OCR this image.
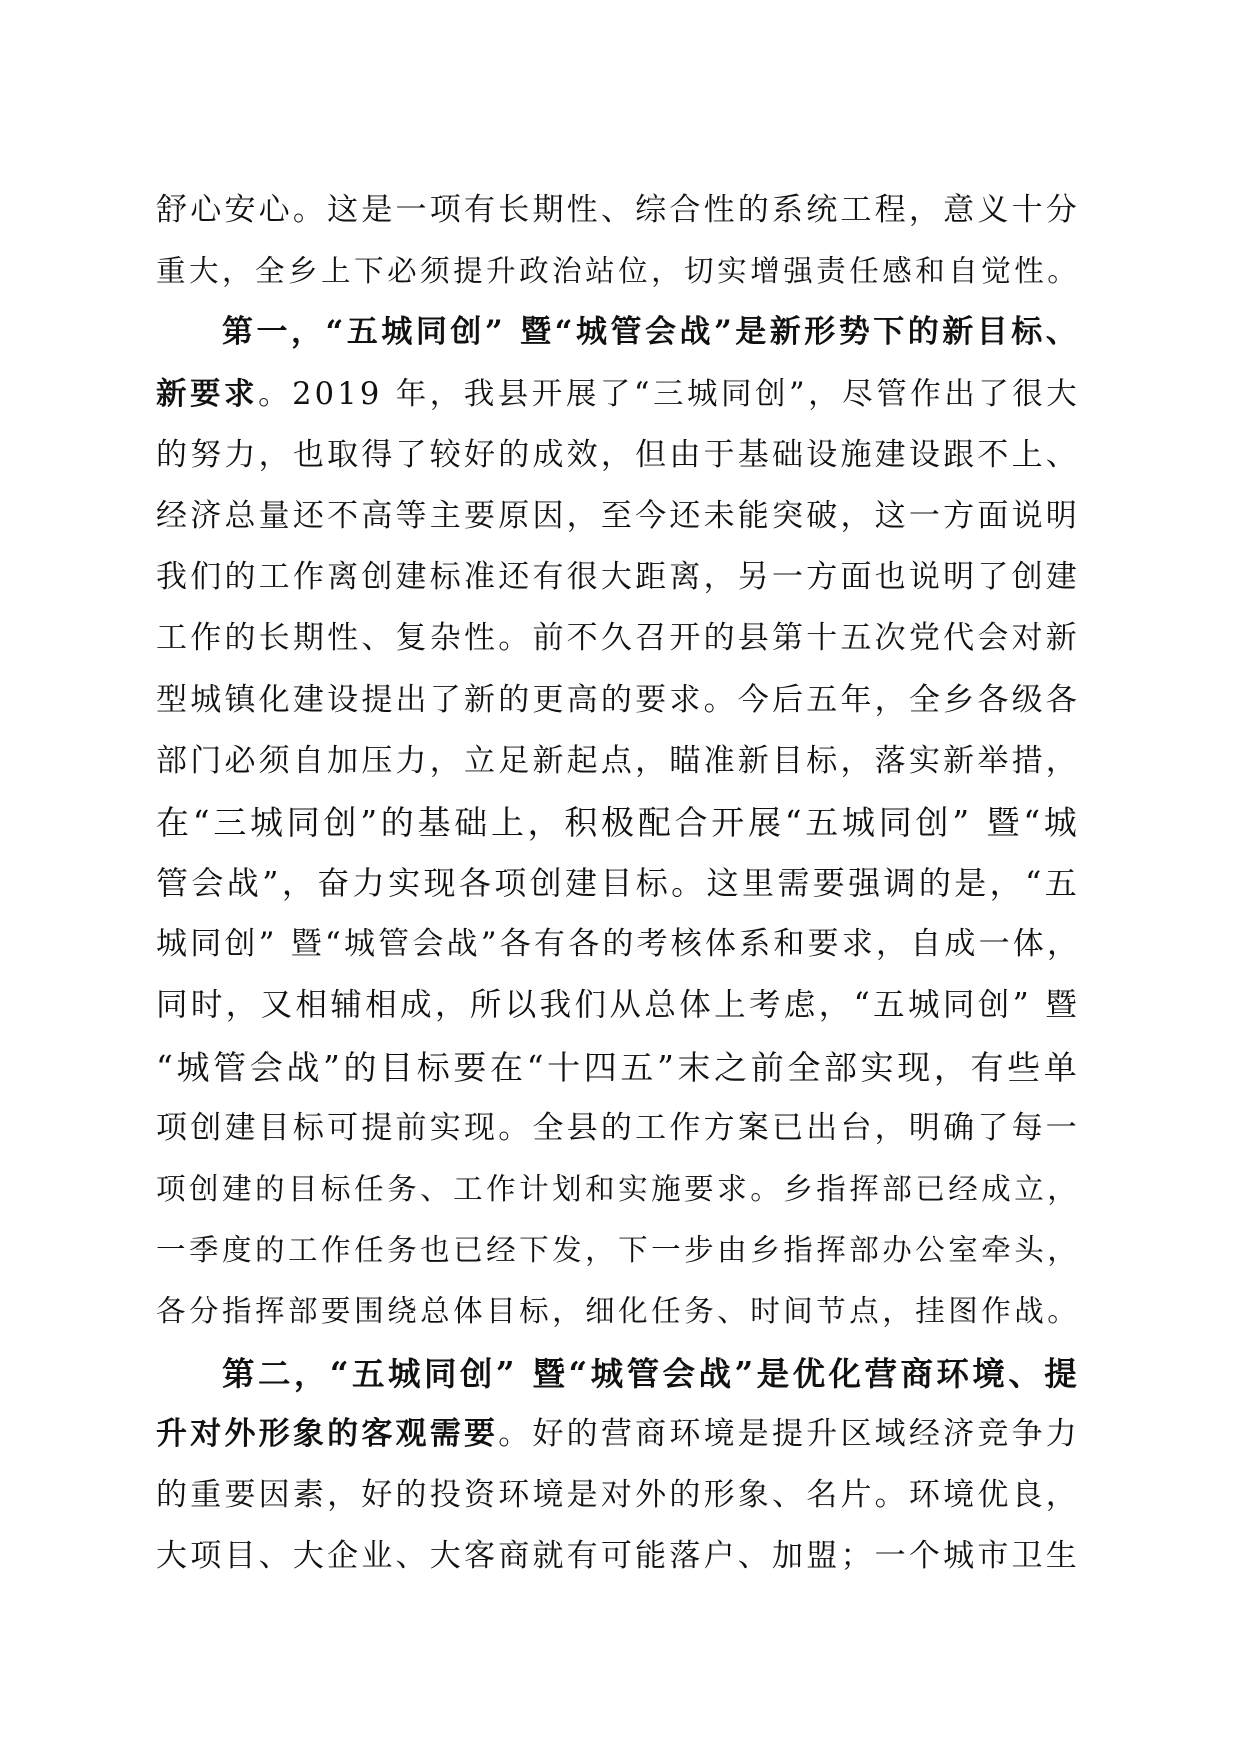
舒心安心。这是一项有长期性、综合性的系统工程，意义十分
重大，全乡上下必须提升政治站位，切实增强责任感和自觉性。
第一，“五城同创” 暨“城管会战”是新形势下的新目标、
新要求。2019 年，我县开展了“三城同创”，尽管作出了很大
的努力，也取得了较好的成效，但由于基础设施建设跟不上、
经济总量还不高等主要原因，至今还未能突破，这一方面说明
我们的工作离创建标准还有很大距离，另一方面也说明了创建
工作的长期性、复杂性。前不久召开的县第十五次党代会对新
型城镇化建设提出了新的更高的要求。今后五年，全乡各级各
部门必须自加压力，立足新起点，瞄准新目标，落实新举措，
在“三城同创”的基础上，积极配合开展“五城同创” 暨“城
管会战”，奋力实现各项创建目标。这里需要强调的是，“五
城同创” 暨“城管会战”各有各的考核体系和要求，自成一体，
同时，又相辅相成，所以我们从总体上考虑，“五城同创” 暨
“城管会战”的目标要在“十四五”末之前全部实现，有些单
项创建目标可提前实现。全县的工作方案已出台，明确了每一
项创建的目标任务、工作计划和实施要求。乡指挥部已经成立，
一季度的工作任务也已经下发，下一步由乡指挥部办公室牵头，
各分指挥部要围绕总体目标，细化任务、时间节点，挂图作战。
第二，“五城同创” 暨“城管会战”是优化营商环境、提
升对外形象的客观需要。好的营商环境是提升区域经济竞争力
的重要因素，好的投资环境是对外的形象、名片。环境优良，
大项目、大企业、大客商就有可能落户、加盟；一个城市卫生
